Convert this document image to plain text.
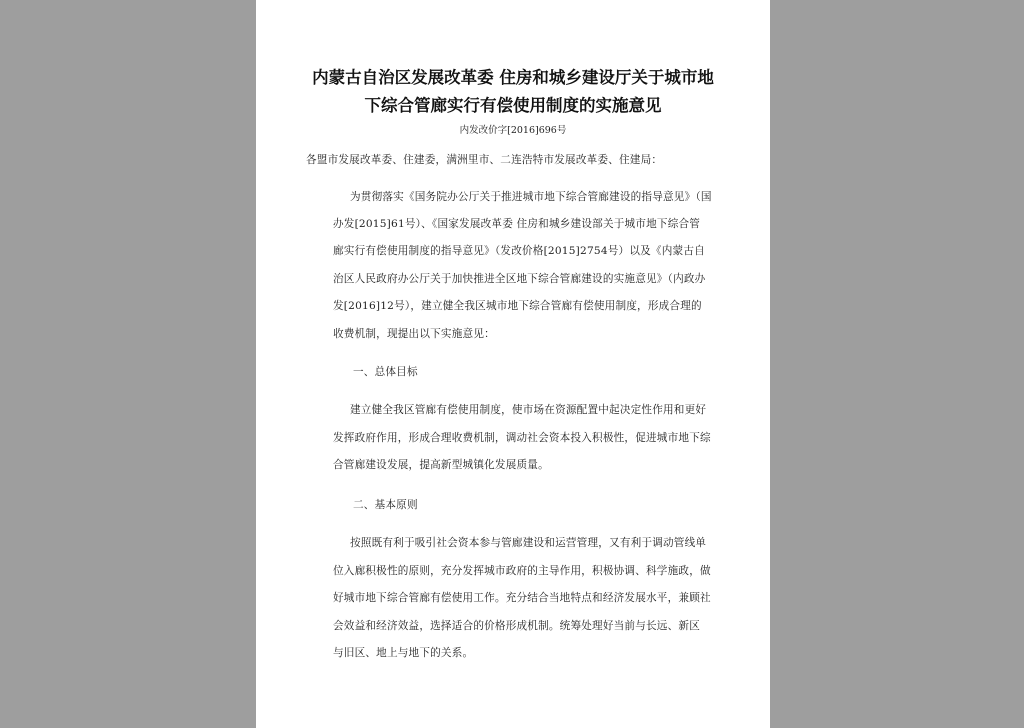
内蒙古自治区发展改革委 住房和城乡建设厅关于城市地
下综合管廊实行有偿使用制度的实施意见
内发改价字[2016]696号
各盟市发展改革委、住建委，满洲里市、二连浩特市发展改革委、住建局：
为贯彻落实《国务院办公厅关于推进城市地下综合管廊建设的指导意见》（国
办发[2015]61号）、《国家发展改革委 住房和城乡建设部关于城市地下综合管
廊实行有偿使用制度的指导意见》（发改价格[2015]2754号）以及《内蒙古自
治区人民政府办公厅关于加快推进全区地下综合管廊建设的实施意见》（内政办
发[2016]12号），建立健全我区城市地下综合管廊有偿使用制度，形成合理的
收费机制，现提出以下实施意见：
一、总体目标
建立健全我区管廊有偿使用制度，使市场在资源配置中起决定性作用和更好
发挥政府作用，形成合理收费机制，调动社会资本投入积极性，促进城市地下综
合管廊建设发展，提高新型城镇化发展质量。
二、基本原则
按照既有利于吸引社会资本参与管廊建设和运营管理，又有利于调动管线单
位入廊积极性的原则，充分发挥城市政府的主导作用，积极协调、科学施政，做
好城市地下综合管廊有偿使用工作。充分结合当地特点和经济发展水平，兼顾社
会效益和经济效益，选择适合的价格形成机制。统筹处理好当前与长远、新区
与旧区、地上与地下的关系。
